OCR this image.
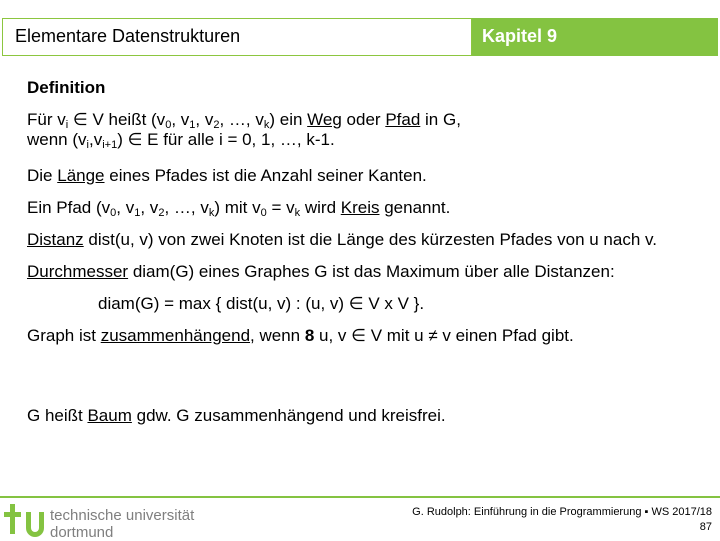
Elementare Datenstrukturen	Kapitel 9
Definition
Für $v_i$ ∈ V heißt ($v_0$, $v_1$, $v_2$, …, $v_k$) ein Weg oder Pfad in G,
wenn $(v_i,v_{i+1})$ ∈ E für alle i = 0, 1, …, k-1.
Die Länge eines Pfades ist die Anzahl seiner Kanten.
Ein Pfad ($v_0$, $v_1$, $v_2$, …, $v_k$) mit $v_0 = v_k$ wird Kreis genannt.
Distanz dist(u, v) von zwei Knoten ist die Länge des kürzesten Pfades von u nach v.
Durchmesser diam(G) eines Graphes G ist das Maximum über alle Distanzen:
diam(G) = max { dist(u, v) : (u, v) ∈ V x V }.
Graph ist zusammenhängend, wenn 8 u, v ∈ V mit u ≠ v einen Pfad gibt.
G heißt Baum gdw. G zusammenhängend und kreisfrei.
technische universität
dortmund
G. Rudolph: Einführung in die Programmierung ▪ WS 2017/18
87
